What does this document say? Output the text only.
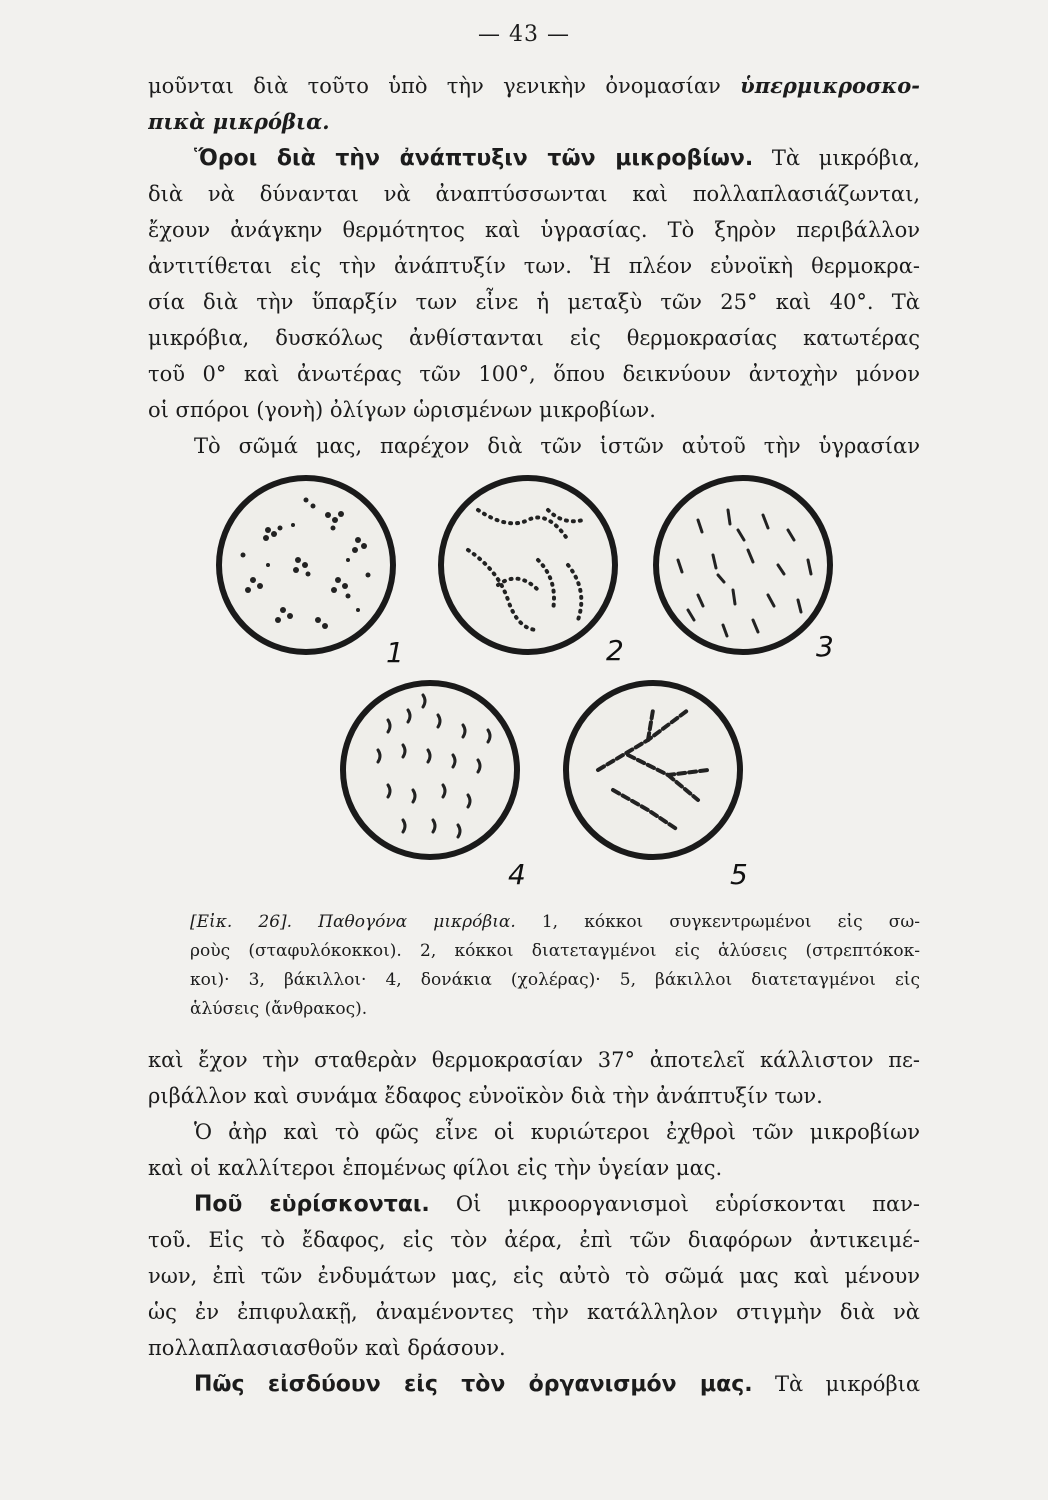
— 43 —
μοῦνται διὰ τοῦτο ὑπὸ τὴν γενικὴν ὀνομασίαν ὑπερμικροσκο-
πικὰ μικρόβια.
Ὅροι διὰ τὴν ἀνάπτυξιν τῶν μικροβίων. Τὰ μικρόβια,
διὰ νὰ δύνανται νὰ ἀναπτύσσωνται καὶ πολλαπλασιάζωνται,
ἔχουν ἀνάγκην θερμότητος καὶ ὑγρασίας. Τὸ ξηρὸν περιβάλλον
ἀντιτίθεται εἰς τὴν ἀνάπτυξίν των. Ἡ πλέον εὐνοϊκὴ θερμοκρα-
σία διὰ τὴν ὕπαρξίν των εἶνε ἡ μεταξὺ τῶν 25° καὶ 40°. Τὰ
μικρόβια, δυσκόλως ἀνθίστανται εἰς θερμοκρασίας κατωτέρας
τοῦ 0° καὶ ἀνωτέρας τῶν 100°, ὅπου δεικνύουν ἀντοχὴν μόνον
οἱ σπόροι (γονὴ) ὀλίγων ὡρισμένων μικροβίων.
Τὸ σῶμά μας, παρέχον διὰ τῶν ἱστῶν αὐτοῦ τὴν ὑγρασίαν
1	2	3
4	5
[Εἰκ. 26]. Παθογόνα μικρόβια. 1, κόκκοι συγκεντρωμένοι εἰς σω-
ροὺς (σταφυλόκοκκοι). 2, κόκκοι διατεταγμένοι εἰς ἁλύσεις (στρεπτόκοκ-
κοι)· 3, βάκιλλοι· 4, δονάκια (χολέρας)· 5, βάκιλλοι διατεταγμένοι εἰς
ἁλύσεις (ἄνθρακος).
καὶ ἔχον τὴν σταθερὰν θερμοκρασίαν 37° ἀποτελεῖ κάλλιστον πε-
ριβάλλον καὶ συνάμα ἔδαφος εὐνοϊκὸν διὰ τὴν ἀνάπτυξίν των.
Ὁ ἀὴρ καὶ τὸ φῶς εἶνε οἱ κυριώτεροι ἐχθροὶ τῶν μικροβίων
καὶ οἱ καλλίτεροι ἑπομένως φίλοι εἰς τὴν ὑγείαν μας.
Ποῦ εὑρίσκονται. Οἱ μικροοργανισμοὶ εὑρίσκονται παν-
τοῦ. Εἰς τὸ ἔδαφος, εἰς τὸν ἀέρα, ἐπὶ τῶν διαφόρων ἀντικειμέ-
νων, ἐπὶ τῶν ἐνδυμάτων μας, εἰς αὐτὸ τὸ σῶμά μας καὶ μένουν
ὡς ἐν ἐπιφυλακῇ, ἀναμένοντες τὴν κατάλληλον στιγμὴν διὰ νὰ
πολλαπλασιασθοῦν καὶ δράσουν.
Πῶς εἰσδύουν εἰς τὸν ὀργανισμόν μας. Τὰ μικρόβια
